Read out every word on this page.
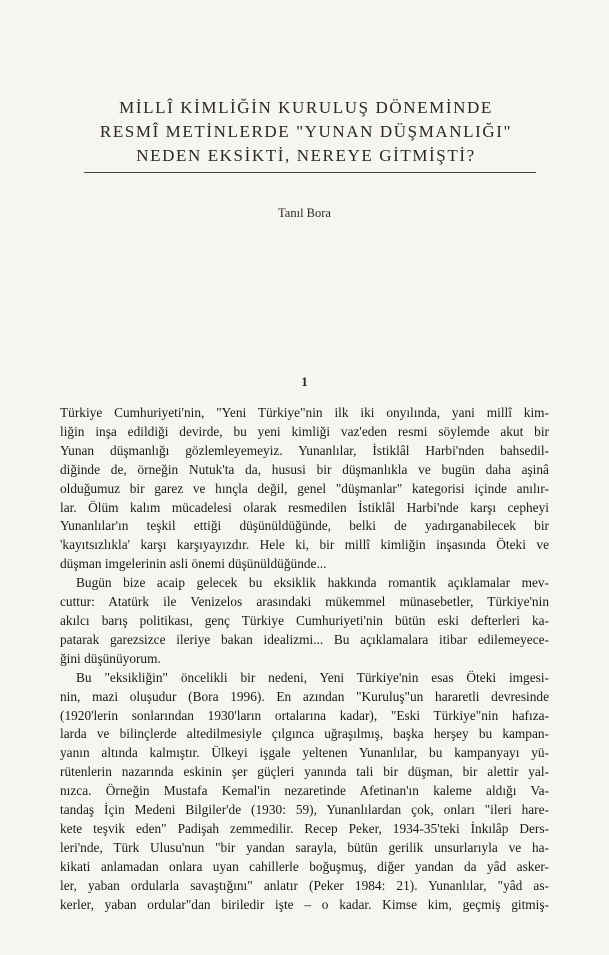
MİLLÎ KİMLİĞİN KURULUŞ DÖNEMİNDE
RESMÎ METİNLERDE "YUNAN DÜŞMANLIĞI"
NEDEN EKSİKTİ, NEREYE GİTMİŞTİ?
Tanıl Bora
1
Türkiye Cumhuriyeti'nin, "Yeni Türkiye"nin ilk iki onyılında, yani millî kim-
liğin inşa edildiği devirde, bu yeni kimliği vaz'eden resmi söylemde akut bir
Yunan düşmanlığı gözlemleyemeyiz. Yunanlılar, İstiklâl Harbi'nden bahsedil-
diğinde de, örneğin Nutuk'ta da, hususi bir düşmanlıkla ve bugün daha aşinâ
olduğumuz bir garez ve hınçla değil, genel "düşmanlar" kategorisi içinde anılır-
lar. Ölüm kalım mücadelesi olarak resmedilen İstiklâl Harbi'nde karşı cepheyi
Yunanlılar'ın teşkil ettiği düşünüldüğünde, belki de yadırganabilecek bir
'kayıtsızlıkla' karşı karşıyayızdır. Hele ki, bir millî kimliğin inşasında Öteki ve
düşman imgelerinin asli önemi düşünüldüğünde...
Bugün bize acaip gelecek bu eksiklik hakkında romantik açıklamalar mev-
cuttur: Atatürk ile Venizelos arasındaki mükemmel münasebetler, Türkiye'nin
akılcı barış politikası, genç Türkiye Cumhuriyeti'nin bütün eski defterleri ka-
patarak garezsizce ileriye bakan idealizmi... Bu açıklamalara itibar edilemeyece-
ğini düşünüyorum.
Bu "eksikliğin" öncelikli bir nedeni, Yeni Türkiye'nin esas Öteki imgesi-
nin, mazi oluşudur (Bora 1996). En azından "Kuruluş"un hararetli devresinde
(1920'lerin sonlarından 1930'ların ortalarına kadar), "Eski Türkiye"nin hafıza-
larda ve bilinçlerde altedilmesiyle çılgınca uğraşılmış, başka herşey bu kampan-
yanın altında kalmıştır. Ülkeyi işgale yeltenen Yunanlılar, bu kampanyayı yü-
rütenlerin nazarında eskinin şer güçleri yanında tali bir düşman, bir alettir yal-
nızca. Örneğin Mustafa Kemal'in nezaretinde Afetinan'ın kaleme aldığı Va-
tandaş İçin Medeni Bilgiler'de (1930: 59), Yunanlılardan çok, onları "ileri hare-
kete teşvik eden" Padişah zemmedilir. Recep Peker, 1934-35'teki İnkılâp Ders-
leri'nde, Türk Ulusu'nun "bir yandan sarayla, bütün gerilik unsurlarıyla ve ha-
kikati anlamadan onlara uyan cahillerle boğuşmuş, diğer yandan da yâd asker-
ler, yaban ordularla savaştığını" anlatır (Peker 1984: 21). Yunanlılar, "yâd as-
kerler, yaban ordular"dan biriledir işte – o kadar. Kimse kim, geçmiş gitmiş-
